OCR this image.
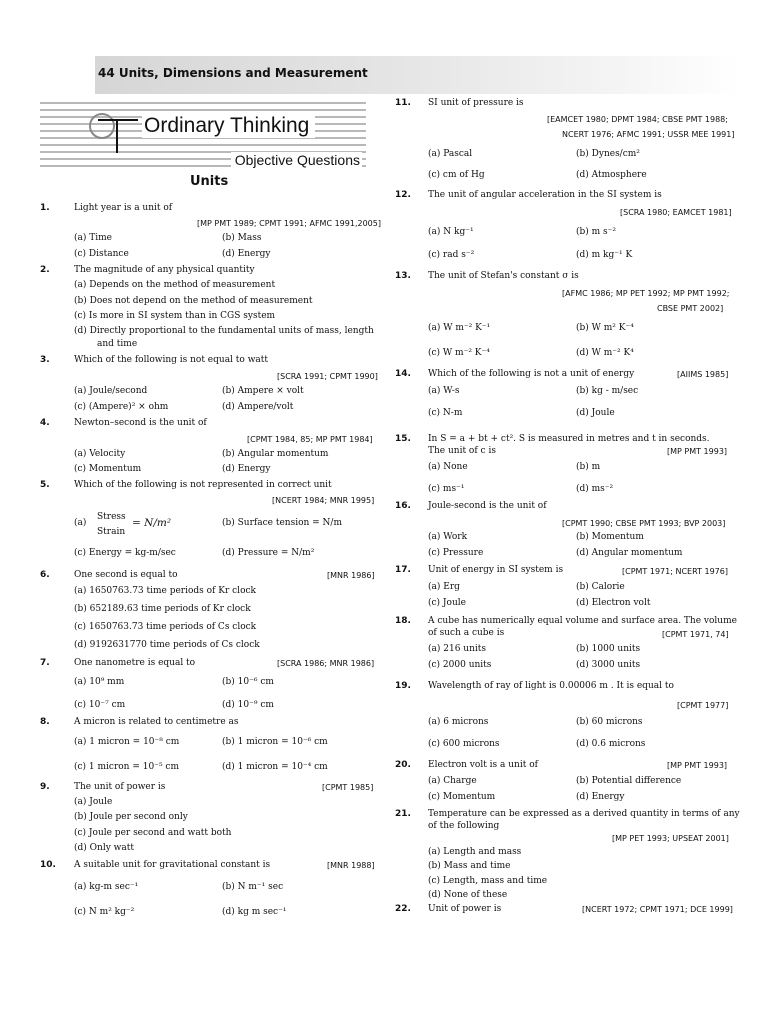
44 Units, Dimensions and Measurement
Ordinary Thinking
Objective Questions
Units
1.	Light year is a unit of
[MP PMT 1989; CPMT 1991; AFMC 1991,2005]
(a) Time	(b) Mass
(c) Distance	(d) Energy
2.	The magnitude of any physical quantity
(a) Depends on the method of measurement
(b) Does not depend on the method of measurement
(c) Is more in SI system than in CGS system
(d) Directly proportional to the fundamental units of mass, length
and time
3.	Which of the following is not equal to watt
[SCRA 1991; CPMT 1990]
(a) Joule/second	(b) Ampere × volt
(c) (Ampere)² × ohm	(d) Ampere/volt
4.	Newton–second is the unit of
[CPMT 1984, 85; MP PMT 1984]
(a) Velocity	(b) Angular momentum
(c) Momentum	(d) Energy
5.	Which of the following is not represented in correct unit
[NCERT 1984; MNR 1995]
(a)
Stress
Strain
= N/m²	(b) Surface tension = N/m
(c) Energy = kg-m/sec	(d) Pressure = N/m²
6.	One second is equal to	[MNR 1986]
(a) 1650763.73 time periods of Kr clock
(b) 652189.63 time periods of Kr clock
(c) 1650763.73 time periods of Cs clock
(d) 9192631770 time periods of Cs clock
7.	One nanometre is equal to	[SCRA 1986; MNR 1986]
(a) 10⁹ mm	(b) 10⁻⁶ cm
(c) 10⁻⁷ cm	(d) 10⁻⁹ cm
8.	A micron is related to centimetre as
(a) 1 micron = 10⁻⁸ cm	(b) 1 micron = 10⁻⁶ cm
(c) 1 micron = 10⁻⁵ cm	(d) 1 micron = 10⁻⁴ cm
9.	The unit of power is	[CPMT 1985]
(a) Joule
(b) Joule per second only
(c) Joule per second and watt both
(d) Only watt
10. A suitable unit for gravitational constant is	[MNR 1988]
(a) kg-m sec⁻¹	(b) N m⁻¹ sec
(c) N m² kg⁻²	(d) kg m sec⁻¹
11. SI unit of pressure is
[EAMCET 1980; DPMT 1984; CBSE PMT 1988;
NCERT 1976; AFMC 1991; USSR MEE 1991]
(a) Pascal	(b) Dynes/cm²
(c) cm of Hg	(d) Atmosphere
12. The unit of angular acceleration in the SI system is
[SCRA 1980; EAMCET 1981]
(a) N kg⁻¹	(b) m s⁻²
(c) rad s⁻²	(d) m kg⁻¹ K
13. The unit of Stefan's constant σ is
[AFMC 1986; MP PET 1992; MP PMT 1992;
CBSE PMT 2002]
(a) W m⁻² K⁻¹	(b) W m² K⁻⁴
(c) W m⁻² K⁻⁴	(d) W m⁻² K⁴
14. Which of the following is not a unit of energy	[AIIMS 1985]
(a) W-s	(b) kg - m/sec
(c) N-m	(d) Joule
15. In S = a + bt + ct². S is measured in metres and t in seconds.
The unit of c is	[MP PMT 1993]
(a) None	(b) m
(c) ms⁻¹	(d) ms⁻²
16. Joule-second is the unit of
[CPMT 1990; CBSE PMT 1993; BVP 2003]
(a) Work	(b) Momentum
(c) Pressure	(d) Angular momentum
17. Unit of energy in SI system is	[CPMT 1971; NCERT 1976]
(a) Erg	(b) Calorie
(c) Joule	(d) Electron volt
18. A cube has numerically equal volume and surface area. The volume
of such a cube is	[CPMT 1971, 74]
(a) 216 units	(b) 1000 units
(c) 2000 units	(d) 3000 units
19. Wavelength of ray of light is 0.00006 m . It is equal to
[CPMT 1977]
(a) 6 microns	(b) 60 microns
(c) 600 microns	(d) 0.6 microns
20. Electron volt is a unit of	[MP PMT 1993]
(a) Charge	(b) Potential difference
(c) Momentum	(d) Energy
21. Temperature can be expressed as a derived quantity in terms of any
of the following
[MP PET 1993; UPSEAT 2001]
(a) Length and mass
(b) Mass and time
(c) Length, mass and time
(d) None of these
22. Unit of power is	[NCERT 1972; CPMT 1971; DCE 1999]
